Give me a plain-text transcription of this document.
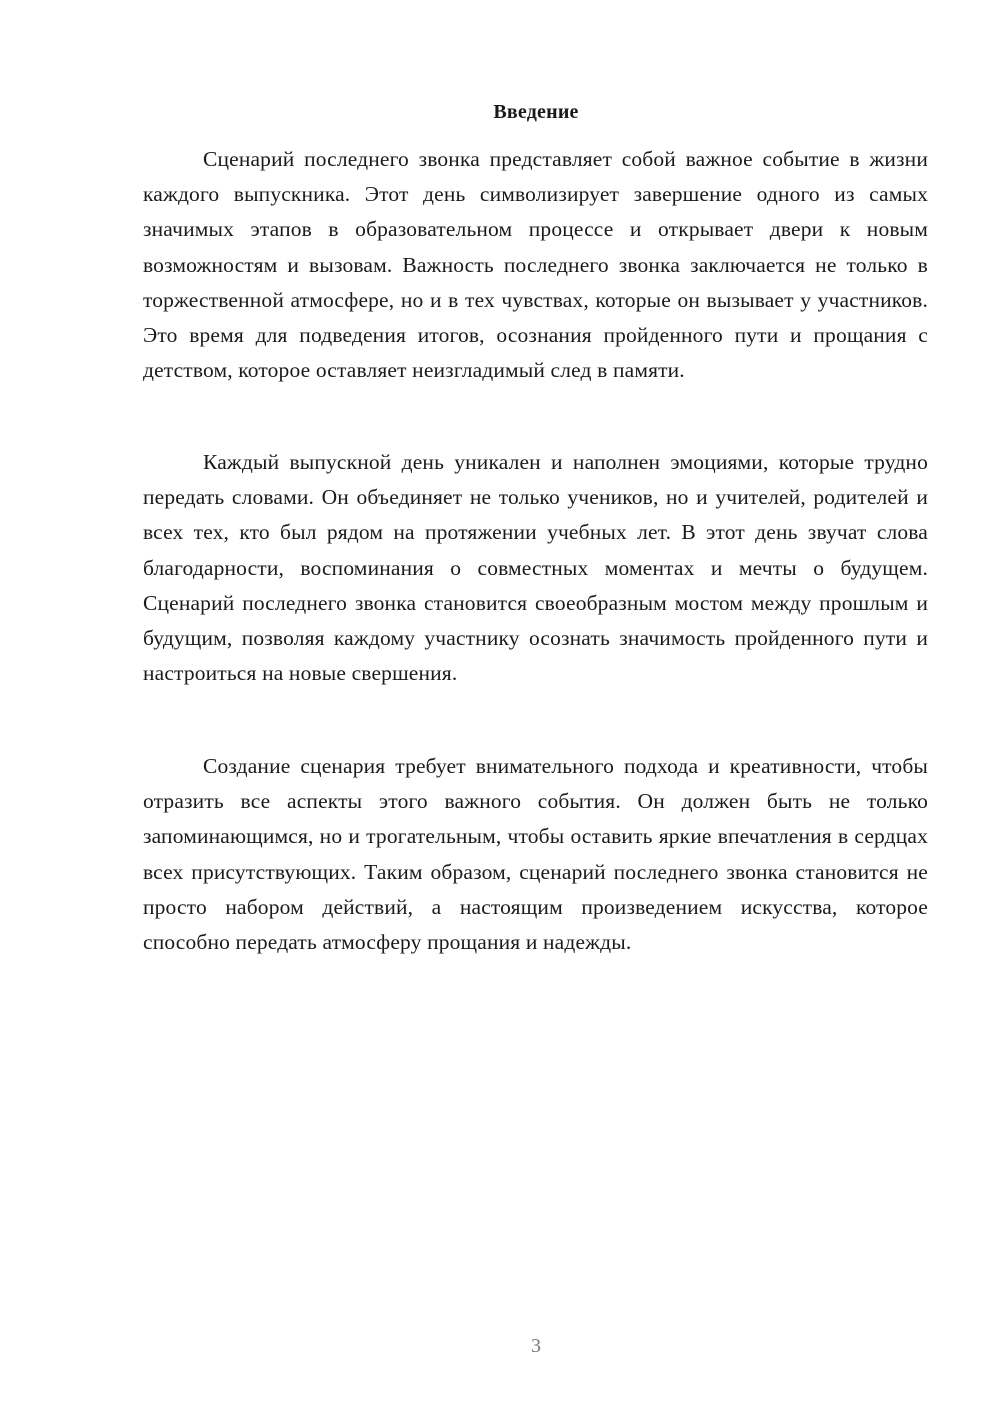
Введение

Сценарий последнего звонка представляет собой важное событие в жизни каждого выпускника. Этот день символизирует завершение одного из самых значимых этапов в образовательном процессе и открывает двери к новым возможностям и вызовам. Важность последнего звонка заключается не только в торжественной атмосфере, но и в тех чувствах, которые он вызывает у участников. Это время для подведения итогов, осознания пройденного пути и прощания с детством, которое оставляет неизгладимый след в памяти.

Каждый выпускной день уникален и наполнен эмоциями, которые трудно передать словами. Он объединяет не только учеников, но и учителей, родителей и всех тех, кто был рядом на протяжении учебных лет. В этот день звучат слова благодарности, воспоминания о совместных моментах и мечты о будущем. Сценарий последнего звонка становится своеобразным мостом между прошлым и будущим, позволяя каждому участнику осознать значимость пройденного пути и настроиться на новые свершения.

Создание сценария требует внимательного подхода и креативности, чтобы отразить все аспекты этого важного события. Он должен быть не только запоминающимся, но и трогательным, чтобы оставить яркие впечатления в сердцах всех присутствующих. Таким образом, сценарий последнего звонка становится не просто набором действий, а настоящим произведением искусства, которое способно передать атмосферу прощания и надежды.

3
